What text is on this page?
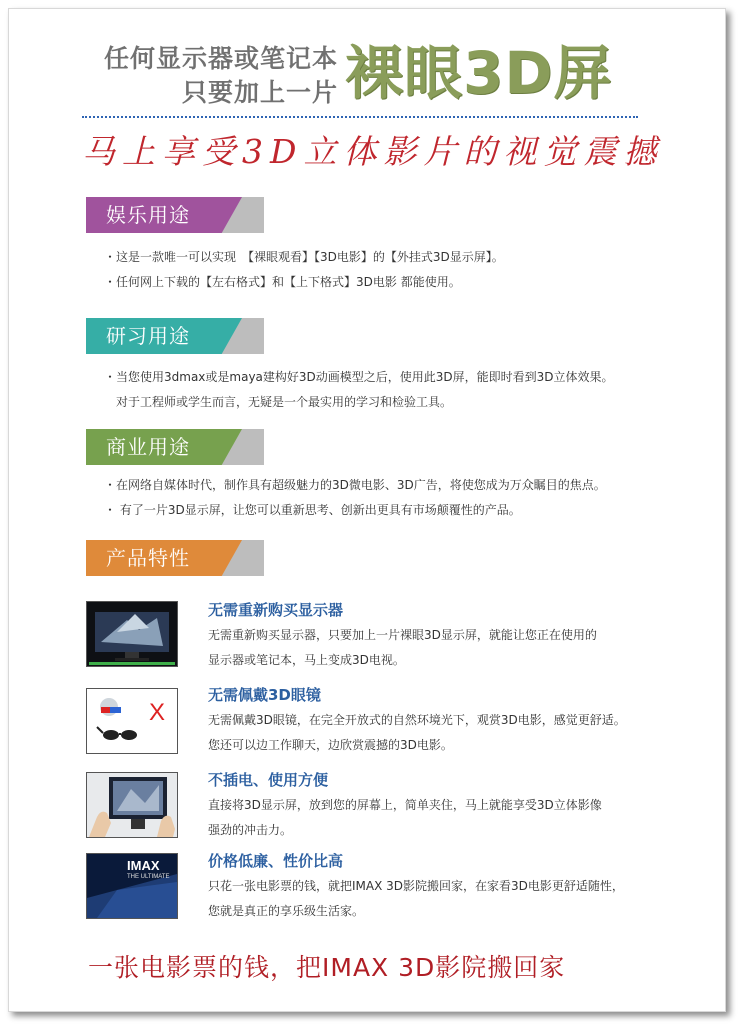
任何显示器或笔记本
只要加上一片 裸眼3D屏
马上享受3D立体影片的视觉震撼
娱乐用途
・这是一款唯一可以实现　【裸眼观看】【3D电影】的【外挂式3D显示屏】。
・任何网上下载的【左右格式】和【上下格式】3D电影 都能使用。
研习用途
・当您使用3dmax或是maya建构好3D动画模型之后，使用此3D屏，能即时看到3D立体效果。
　对于工程师或学生而言，无疑是一个最实用的学习和检验工具。
商业用途
・在网络自媒体时代，制作具有超级魅力的3D微电影、3D广告，将使您成为万众瞩目的焦点。
・ 有了一片3D显示屏，让您可以重新思考、创新出更具有市场颠覆性的产品。
产品特性
无需重新购买显示器
无需重新购买显示器，只要加上一片裸眼3D显示屏，就能让您正在使用的
显示器或笔记本，马上变成3D电视。
X
无需佩戴3D眼镜
无需佩戴3D眼镜，在完全开放式的自然环境光下，观赏3D电影，感觉更舒适。
您还可以边工作聊天，边欣赏震撼的3D电影。
不插电、使用方便
直接将3D显示屏，放到您的屏幕上，简单夹住，马上就能享受3D立体影像
强劲的冲击力。
IMAX
THE ULTIMATE
价格低廉、性价比高
只花一张电影票的钱，就把IMAX 3D影院搬回家，在家看3D电影更舒适随性，
您就是真正的享乐级生活家。
一张电影票的钱，把IMAX 3D影院搬回家
